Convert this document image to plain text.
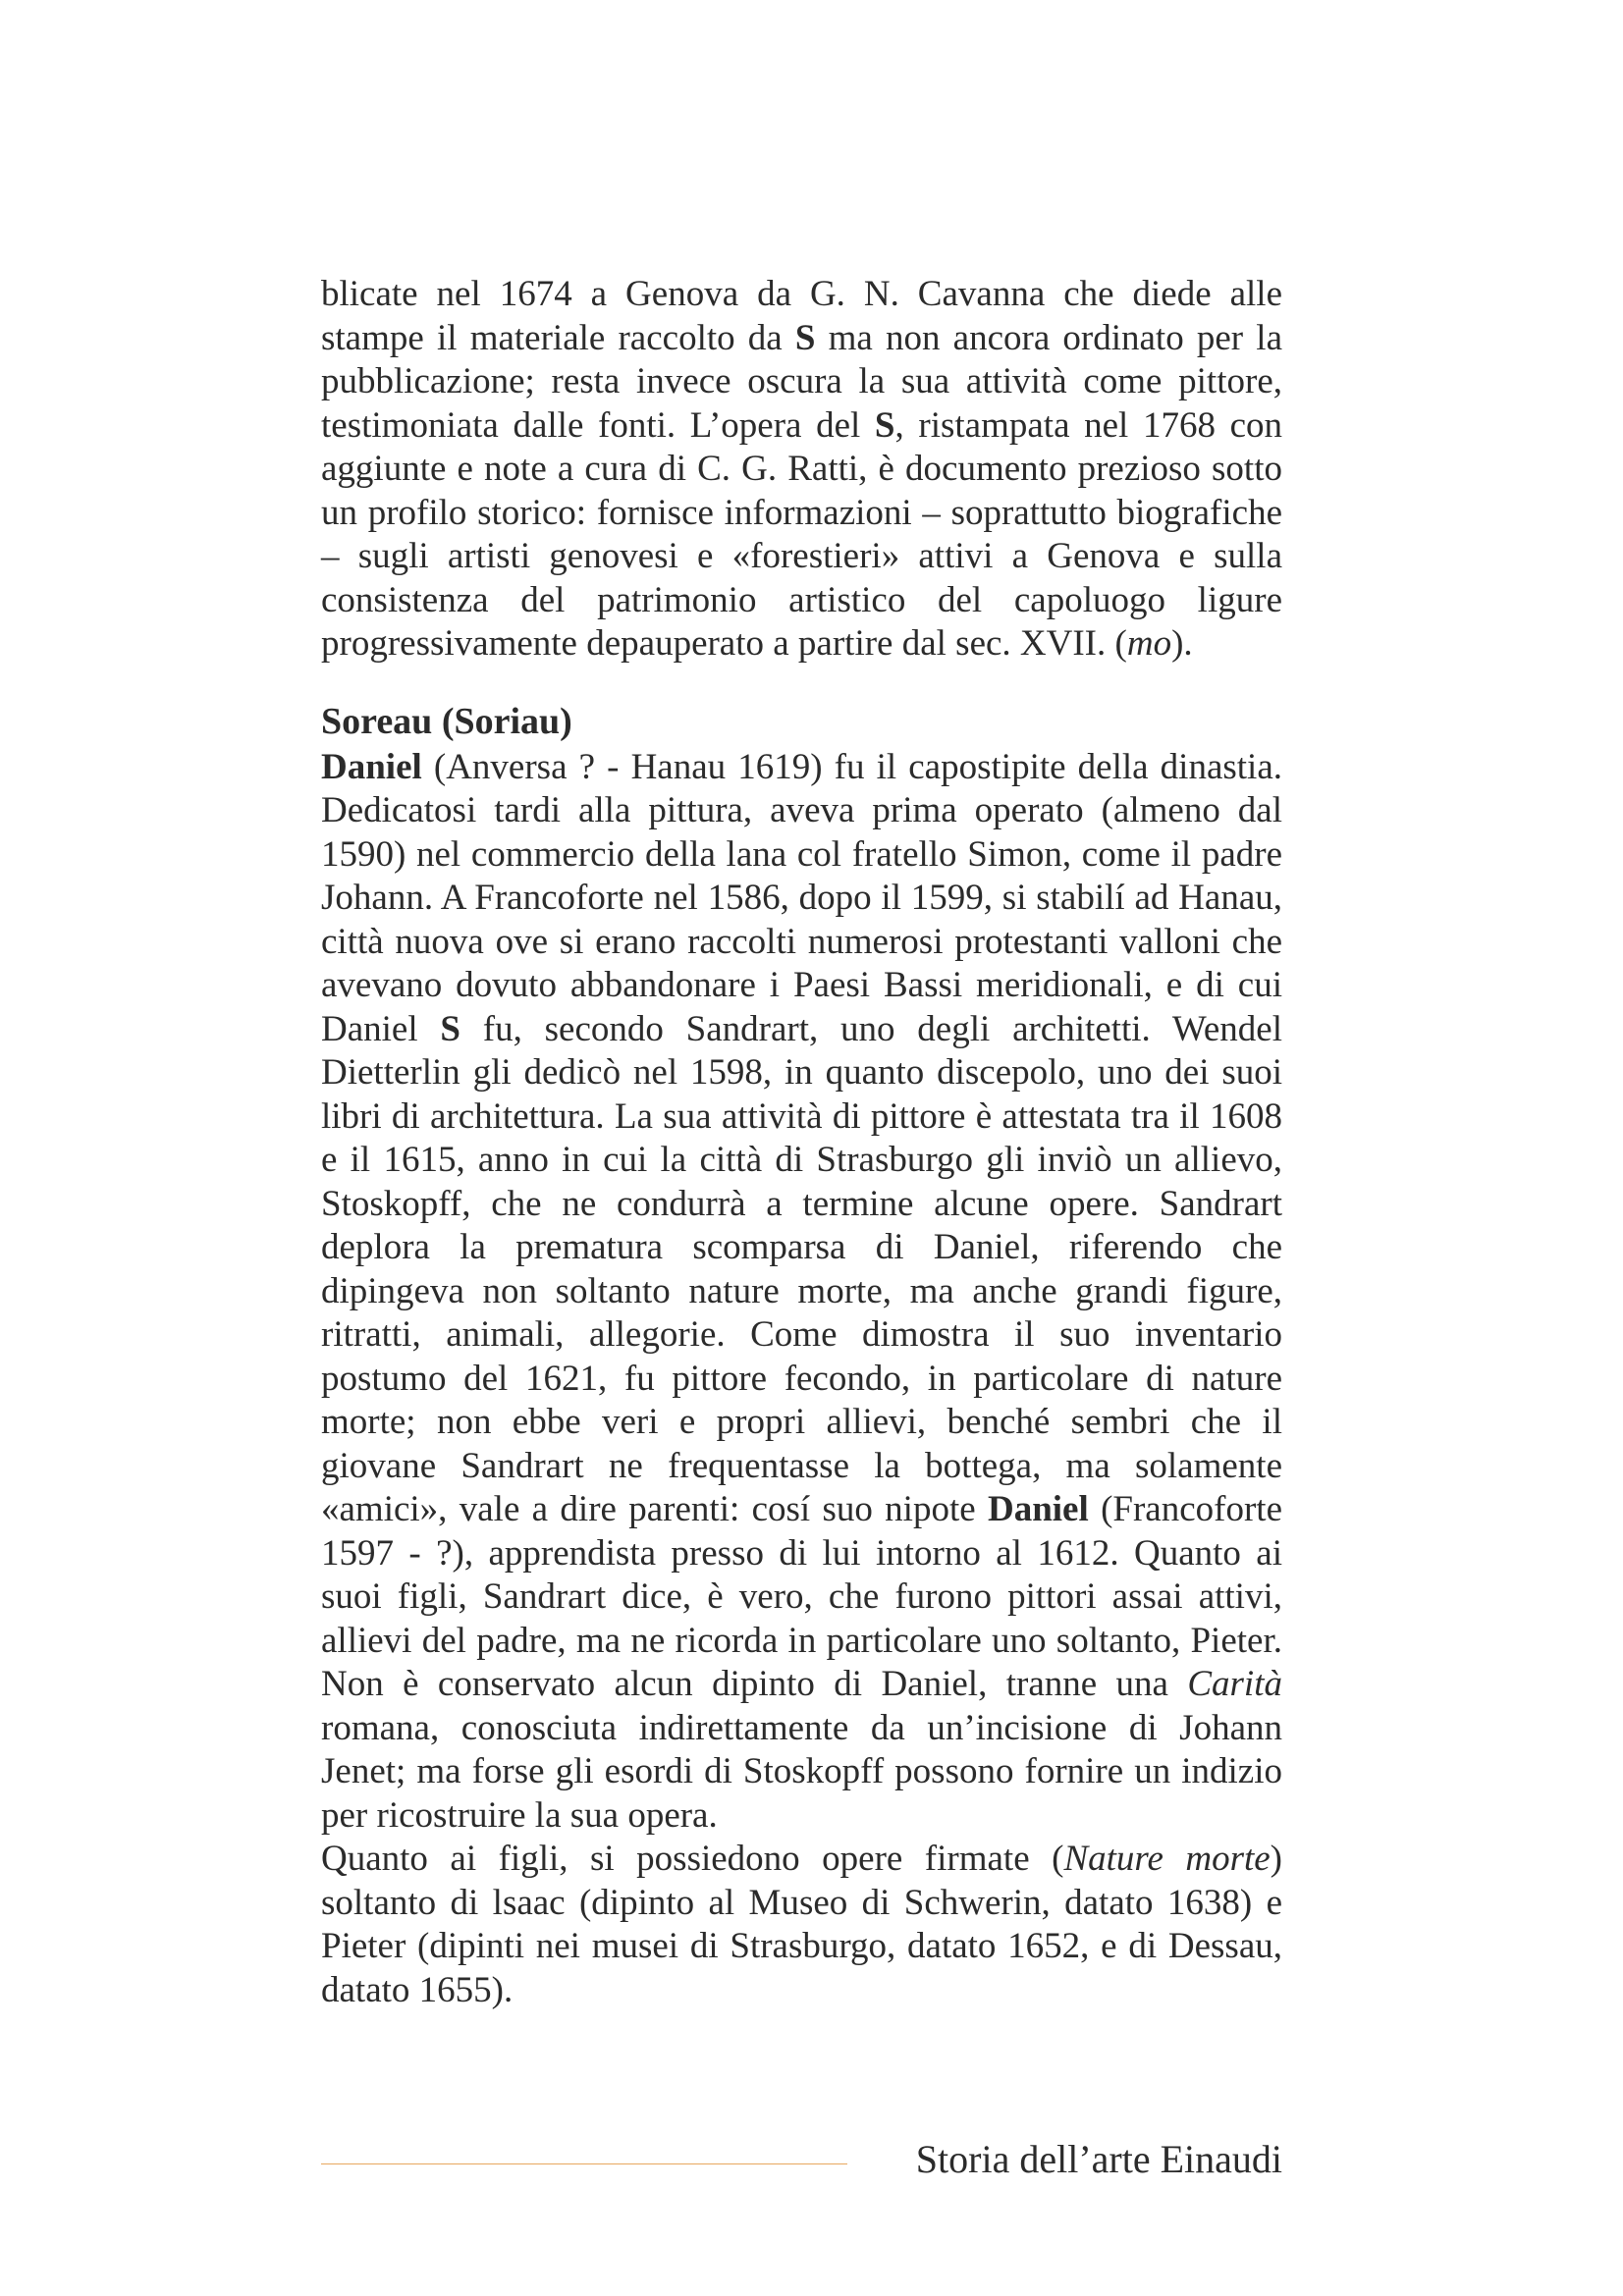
blicate nel 1674 a Genova da G. N. Cavanna che diede alle stampe il materiale raccolto da S ma non ancora ordinato per la pubblicazione; resta invece oscura la sua attività come pittore, testimoniata dalle fonti. L’opera del S, ristampata nel 1768 con aggiunte e note a cura di C. G. Ratti, è documento prezioso sotto un profilo storico: fornisce informazioni – soprattutto biografiche – sugli artisti genovesi e «forestieri» attivi a Genova e sulla consistenza del patrimonio artistico del capoluogo ligure progressivamente depauperato a partire dal sec. XVII. (mo).

Soreau (Soriau)

Daniel (Anversa ? - Hanau 1619) fu il capostipite della dinastia. Dedicatosi tardi alla pittura, aveva prima operato (almeno dal 1590) nel commercio della lana col fratello Simon, come il padre Johann. A Francoforte nel 1586, dopo il 1599, si stabilí ad Hanau, città nuova ove si erano raccolti numerosi protestanti valloni che avevano dovuto abbandonare i Paesi Bassi meridionali, e di cui Daniel S fu, secondo Sandrart, uno degli architetti. Wendel Dietterlin gli dedicò nel 1598, in quanto discepolo, uno dei suoi libri di architettura. La sua attività di pittore è attestata tra il 1608 e il 1615, anno in cui la città di Strasburgo gli inviò un allievo, Stoskopff, che ne condurrà a termine alcune opere. Sandrart deplora la prematura scomparsa di Daniel, riferendo che dipingeva non soltanto nature morte, ma anche grandi figure, ritratti, animali, allegorie. Come dimostra il suo inventario postumo del 1621, fu pittore fecondo, in particolare di nature morte; non ebbe veri e propri allievi, benché sembri che il giovane Sandrart ne frequentasse la bottega, ma solamente «amici», vale a dire parenti: cosí suo nipote Daniel (Francoforte 1597 - ?), apprendista presso di lui intorno al 1612. Quanto ai suoi figli, Sandrart dice, è vero, che furono pittori assai attivi, allievi del padre, ma ne ricorda in particolare uno soltanto, Pieter. Non è conservato alcun dipinto di Daniel, tranne una Carità romana, conosciuta indirettamente da un’incisione di Johann Jenet; ma forse gli esordi di Stoskopff possono fornire un indizio per ricostruire la sua opera.

Quanto ai figli, si possiedono opere firmate (Nature morte) soltanto di lsaac (dipinto al Museo di Schwerin, datato 1638) e Pieter (dipinti nei musei di Strasburgo, datato 1652, e di Dessau, datato 1655).

Storia dell’arte Einaudi
